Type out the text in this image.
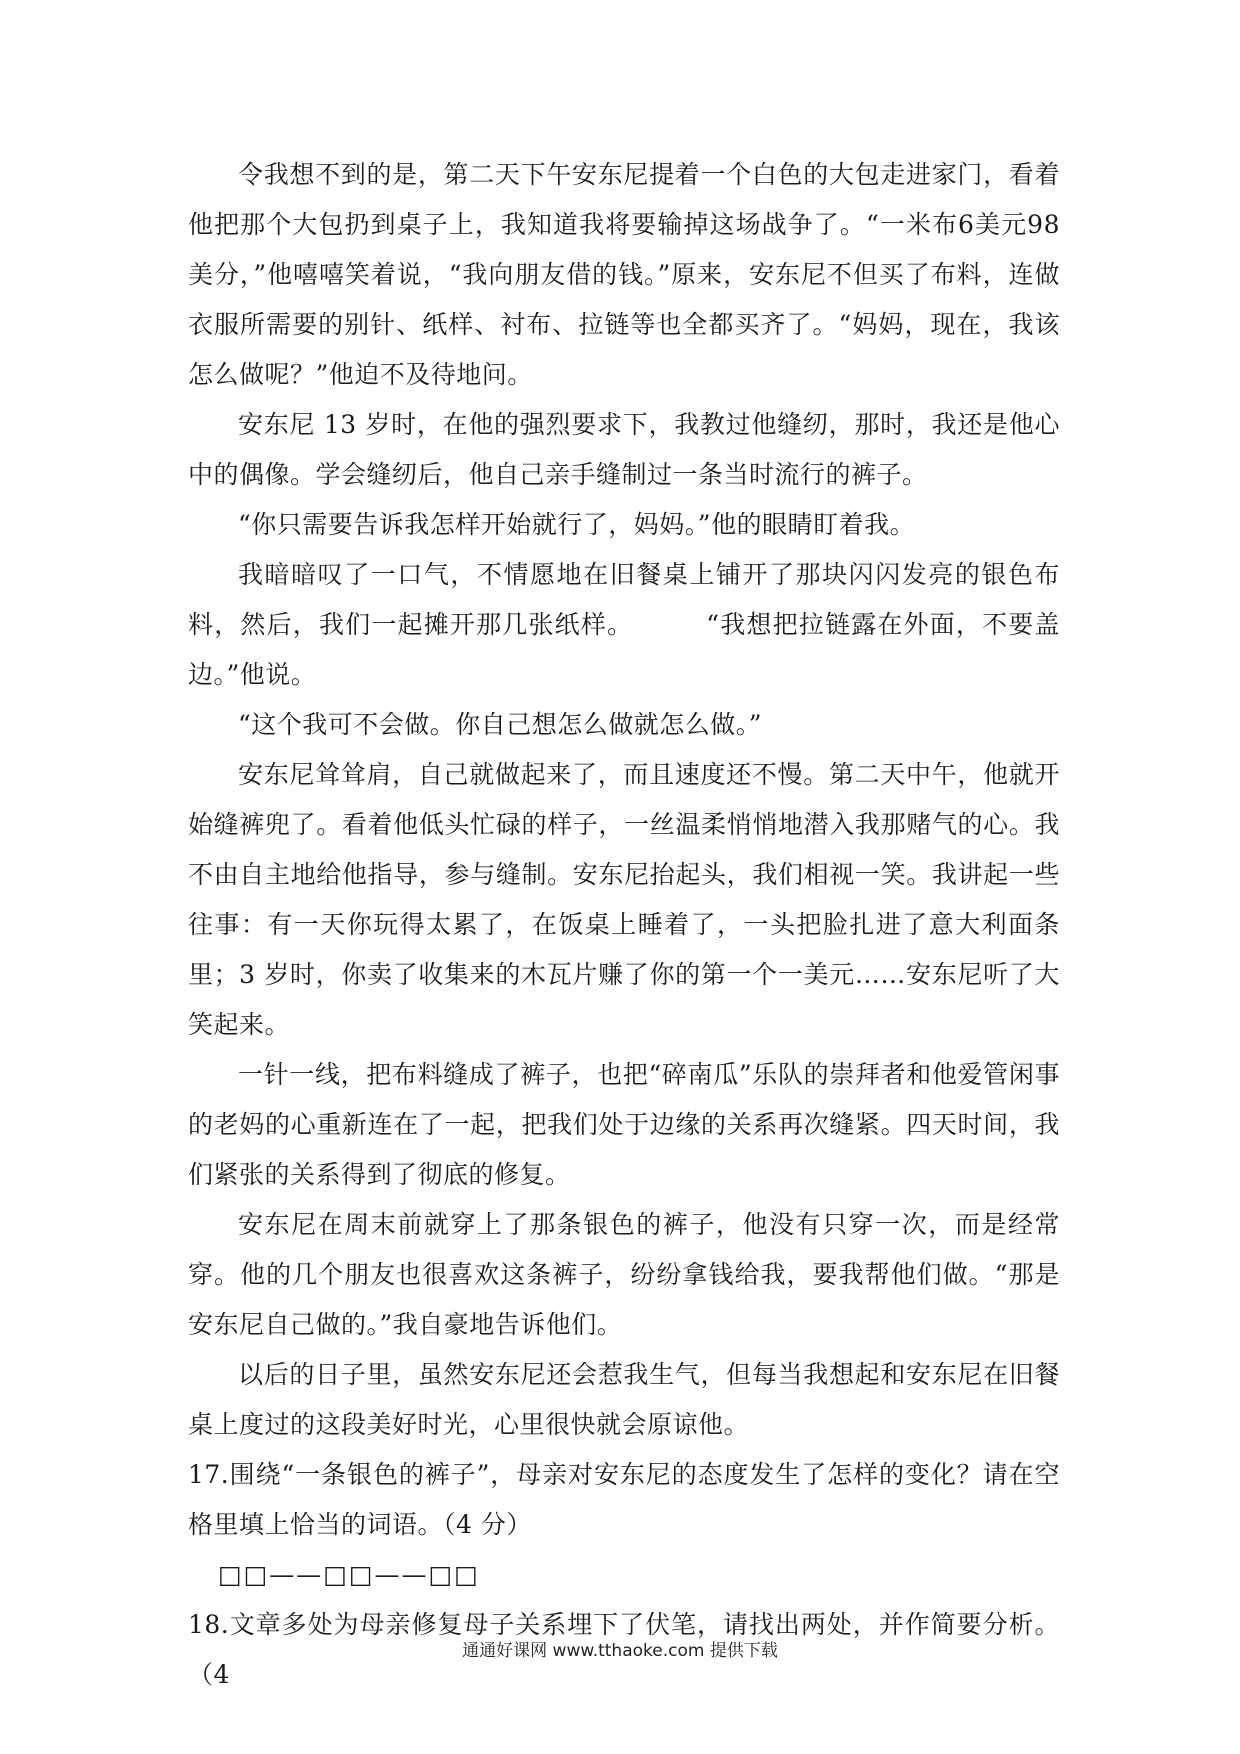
令我想不到的是，第二天下午安东尼提着一个白色的大包走进家门，看着他把那个大包扔到桌子上，我知道我将要输掉这场战争了。“一米布6美元98美分，”他嘻嘻笑着说，“我向朋友借的钱。”原来，安东尼不但买了布料，连做衣服所需要的别针、纸样、衬布、拉链等也全都买齐了。“妈妈，现在，我该怎么做呢？”他迫不及待地问。

安东尼 13 岁时，在他的强烈要求下，我教过他缝纫，那时，我还是他心中的偶像。学会缝纫后，他自己亲手缝制过一条当时流行的裤子。

“你只需要告诉我怎样开始就行了，妈妈。”他的眼睛盯着我。

我暗暗叹了一口气，不情愿地在旧餐桌上铺开了那块闪闪发亮的银色布料，然后，我们一起摊开那几张纸样。        “我想把拉链露在外面，不要盖边。”他说。

“这个我可不会做。你自己想怎么做就怎么做。”

安东尼耸耸肩，自己就做起来了，而且速度还不慢。第二天中午，他就开始缝裤兜了。看着他低头忙碌的样子，一丝温柔悄悄地潜入我那赌气的心。我不由自主地给他指导，参与缝制。安东尼抬起头，我们相视一笑。我讲起一些往事：有一天你玩得太累了，在饭桌上睡着了，一头把脸扎进了意大利面条里；3 岁时，你卖了收集来的木瓦片赚了你的第一个一美元……安东尼听了大笑起来。

一针一线，把布料缝成了裤子，也把“碎南瓜”乐队的崇拜者和他爱管闲事的老妈的心重新连在了一起，把我们处于边缘的关系再次缝紧。四天时间，我们紧张的关系得到了彻底的修复。

安东尼在周末前就穿上了那条银色的裤子，他没有只穿一次，而是经常穿。他的几个朋友也很喜欢这条裤子，纷纷拿钱给我，要我帮他们做。“那是安东尼自己做的。”我自豪地告诉他们。

以后的日子里，虽然安东尼还会惹我生气，但每当我想起和安东尼在旧餐桌上度过的这段美好时光，心里很快就会原谅他。

17.围绕“一条银色的裤子”，母亲对安东尼的态度发生了怎样的变化？请在空格里填上恰当的词语。（4 分）

□□——□□——□□

18.文章多处为母亲修复母子关系埋下了伏笔，请找出两处，并作简要分析。（4

通通好课网 www.tthaoke.com 提供下载
